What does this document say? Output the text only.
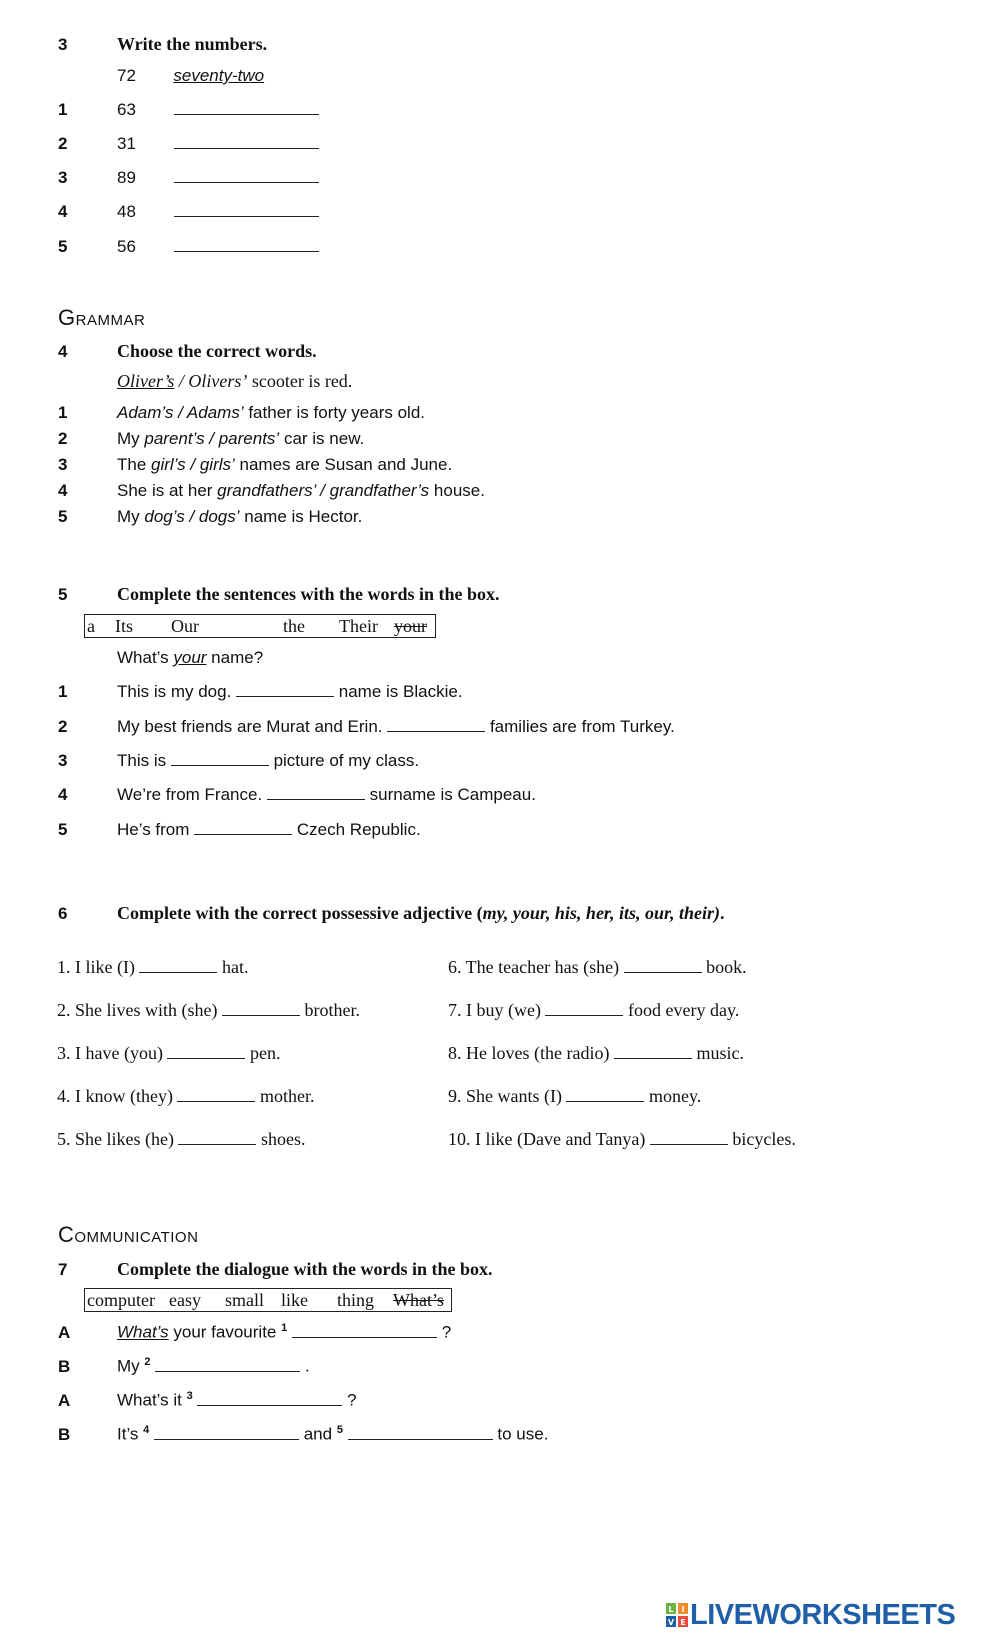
3	Write the numbers.
72 seventy-two
1	63
2	31
3	89
4	48
5	56
Grammar
4	Choose the correct words.
Oliver’s / Olivers’ scooter is red.
1	Adam’s / Adams’ father is forty years old.
2	My parent’s / parents’ car is new.
3	The girl’s / girls’ names are Susan and June.
4	She is at her grandfathers’ / grandfather’s house.
5	My dog’s / dogs’ name is Hector.
5	Complete the sentences with the words in the box.
a Its Our	the Their your
What’s your name?
1	This is my dog.	name is Blackie.
2	My best friends are Murat and Erin.	families are from Turkey.
3	This is	picture of my class.
4	We’re from France.	surname is Campeau.
5	He’s from	Czech Republic.
6	Complete with the correct possessive adjective (my, your, his, her, its, our, their).
1. I like (I)	hat.
2. She lives with (she)	brother.
3. I have (you)	pen.
4. I know (they)	mother.
5. She likes (he)	shoes.
6. The teacher has (she)	book.
7. I buy (we)	food every day.
8. He loves (the radio)	music.
9. She wants (I)	money.
10. I like (Dave and Tanya)	bicycles.
Communication
7	Complete the dialogue with the words in the box.
computer easy small like thing What’s
A	What’s your favourite $^1$	?
B	My $^2$	.
A	What’s it $^3$	?
B	It’s $^4$	and $^5$	to use.
L I
V E LIVEWORKSHEETS
